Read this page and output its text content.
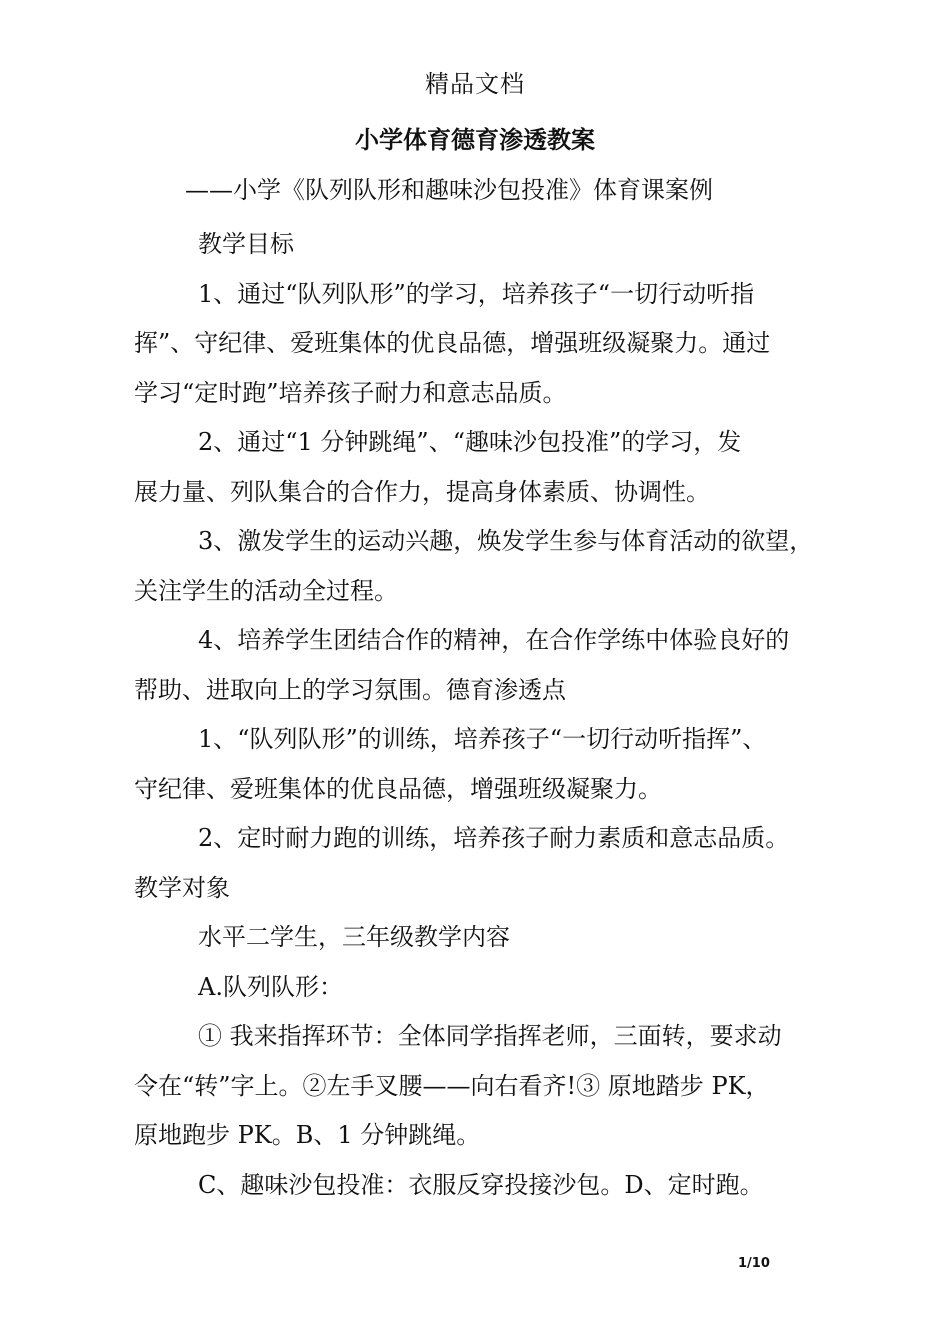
精品文档
小学体育德育渗透教案
——小学《队列队形和趣味沙包投准》体育课案例

教学目标

1、通过“队列队形”的学习，培养孩子“一切行动听指

挥”、守纪律、爱班集体的优良品德，增强班级凝聚力。通过

学习“定时跑”培养孩子耐力和意志品质。

2、通过“1 分钟跳绳”、“趣味沙包投准”的学习，发

展力量、列队集合的合作力，提高身体素质、协调性。

3、激发学生的运动兴趣，焕发学生参与体育活动的欲望，

关注学生的活动全过程。

4、培养学生团结合作的精神，在合作学练中体验良好的

帮助、进取向上的学习氛围。德育渗透点

1、“队列队形”的训练，培养孩子“一切行动听指挥”、

守纪律、爱班集体的优良品德，增强班级凝聚力。

2、定时耐力跑的训练，培养孩子耐力素质和意志品质。

教学对象

水平二学生，三年级教学内容

A.队列队形：

① 我来指挥环节：全体同学指挥老师，三面转，要求动

令在“转”字上。②左手叉腰——向右看齐!③ 原地踏步 PK，

原地跑步 PK。B、1 分钟跳绳。

C、趣味沙包投准：衣服反穿投接沙包。D、定时跑。

1/10
